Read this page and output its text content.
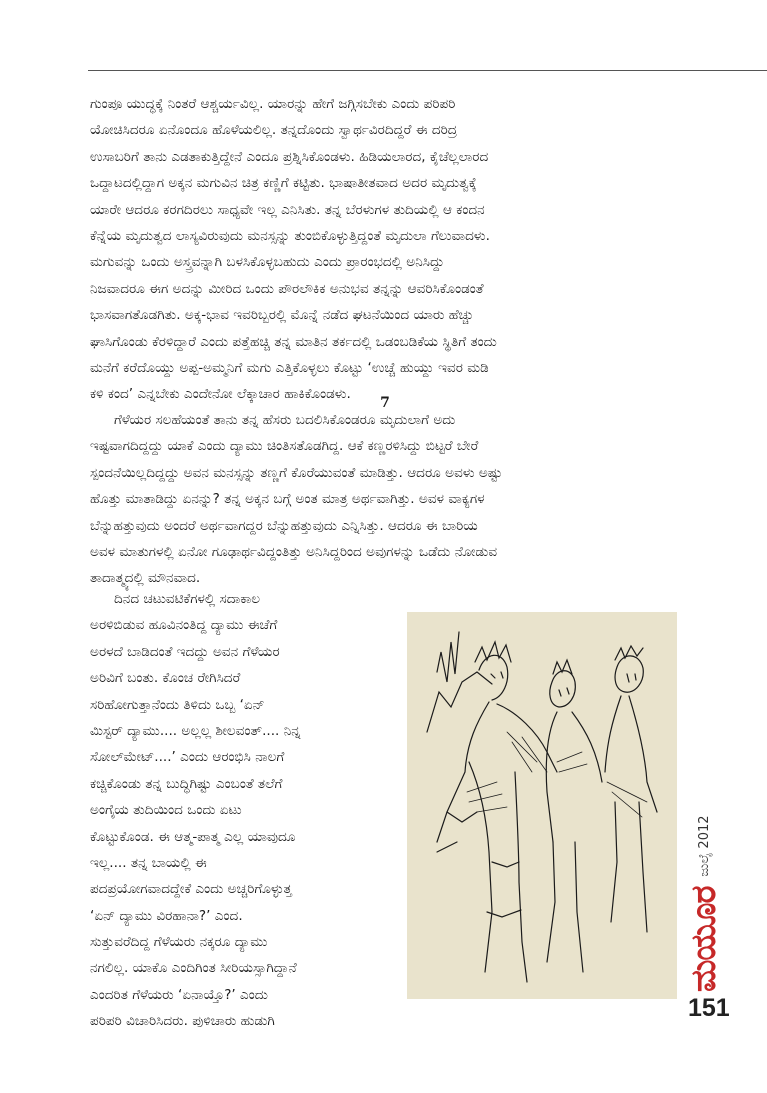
ಗುಂಪೂ ಯುದ್ಧಕ್ಕೆ ನಿಂತರೆ ಆಶ್ಚರ್ಯವಿಲ್ಲ. ಯಾರನ್ನು ಹೇಗೆ ಜಗ್ಗಿಸಬೇಕು ಎಂದು ಪರಿಪರಿ
ಯೋಚಿಸಿದರೂ ಏನೊಂದೂ ಹೊಳೆಯಲಿಲ್ಲ. ತನ್ನದೊಂದು ಸ್ವಾರ್ಥವಿರದಿದ್ದರೆ ಈ ದರಿದ್ರ
ಉಸಾಬರಿಗೆ ತಾನು ಎಡತಾಕುತ್ತಿದ್ದೇನೆ ಎಂದೂ ಪ್ರಶ್ನಿಸಿಕೊಂಡಳು. ಹಿಡಿಯಲಾರದ, ಕೈಚೆಲ್ಲಲಾರದ
ಒದ್ದಾಟದಲ್ಲಿದ್ದಾಗ ಅಕ್ಕನ ಮಗುವಿನ ಚಿತ್ರ ಕಣ್ಣಿಗೆ ಕಟ್ಟಿತು. ಭಾಷಾತೀತವಾದ ಅದರ ಮೃದುತ್ವಕ್ಕೆ
ಯಾರೇ ಆದರೂ ಕರಗದಿರಲು ಸಾಧ್ಯವೇ ಇಲ್ಲ ಎನಿಸಿತು. ತನ್ನ ಬೆರಳುಗಳ ತುದಿಯಲ್ಲಿ ಆ ಕಂದನ
ಕೆನ್ನೆಯ ಮೃದುತ್ವದ ಲಾಸ್ಯವಿರುವುದು ಮನಸ್ಸನ್ನು ತುಂಬಿಕೊಳ್ಳುತ್ತಿದ್ದಂತೆ ಮೃದುಲಾ ಗೆಲುವಾದಳು.
ಮಗುವನ್ನು ಒಂದು ಅಸ್ತ್ರವನ್ನಾಗಿ ಬಳಸಿಕೊಳ್ಳಬಹುದು ಎಂದು ಪ್ರಾರಂಭದಲ್ಲಿ ಅನಿಸಿದ್ದು
ನಿಜವಾದರೂ ಈಗ ಅದನ್ನು ಮೀರಿದ ಒಂದು ಪೌರಲೌಕಿಕ ಅನುಭವ ತನ್ನನ್ನು ಆವರಿಸಿಕೊಂಡಂತೆ
ಭಾಸವಾಗತೊಡಗಿತು. ಅಕ್ಕ-ಭಾವ ಇವರಿಬ್ಬರಲ್ಲಿ ಮೊನ್ನೆ ನಡೆದ ಘಟನೆಯಿಂದ ಯಾರು ಹೆಚ್ಚು
ಘಾಸಿಗೊಂಡು ಕೆರಳಿದ್ದಾರೆ ಎಂದು ಪತ್ತೆಹಚ್ಚಿ ತನ್ನ ಮಾತಿನ ತರ್ಕದಲ್ಲಿ ಒಡಂಬಡಿಕೆಯ ಸ್ಥಿತಿಗೆ ತಂದು
ಮನೆಗೆ ಕರೆದೊಯ್ದು ಅಪ್ಪ-ಅಮ್ಮನಿಗೆ ಮಗು ಎತ್ತಿಕೊಳ್ಳಲು ಕೊಟ್ಟು ‘ಉಚ್ಚೆ ಹುಯ್ದು ಇವರ ಮಡಿ
ಕಳಿ ಕಂದ’ ಎನ್ನಬೇಕು ಎಂದೇನೋ ಲೆಕ್ಕಾಚಾರ ಹಾಕಿಕೊಂಡಳು.
7
ಗೆಳೆಯರ ಸಲಹೆಯಂತೆ ತಾನು ತನ್ನ ಹೆಸರು ಬದಲಿಸಿಕೊಂಡರೂ ಮೃದುಲಾಗೆ ಅದು
ಇಷ್ಟವಾಗದಿದ್ದದ್ದು ಯಾಕೆ ಎಂದು ದ್ಯಾಮು ಚಿಂತಿಸತೊಡಗಿದ್ದ. ಆಕೆ ಕಣ್ಣರಳಿಸಿದ್ದು ಬಿಟ್ಟರೆ ಬೇರೆ
ಸ್ಪಂದನೆಯಿಲ್ಲದಿದ್ದದ್ದು ಅವನ ಮನಸ್ಸನ್ನು ತಣ್ಣಗೆ ಕೊರೆಯುವಂತೆ ಮಾಡಿತ್ತು. ಆದರೂ ಅವಳು ಅಷ್ಟು
ಹೊತ್ತು ಮಾತಾಡಿದ್ದು ಏನನ್ನು? ತನ್ನ ಅಕ್ಕನ ಬಗ್ಗೆ ಅಂತ ಮಾತ್ರ ಅರ್ಥವಾಗಿತ್ತು. ಅವಳ ವಾಕ್ಯಗಳ
ಬೆನ್ನುಹತ್ತುವುದು ಅಂದರೆ ಅರ್ಥವಾಗದ್ದರ ಬೆನ್ನುಹತ್ತುವುದು ಎನ್ನಿಸಿತ್ತು. ಆದರೂ ಈ ಬಾರಿಯ
ಅವಳ ಮಾತುಗಳಲ್ಲಿ ಏನೋ ಗೂಢಾರ್ಥವಿದ್ದಂತಿತ್ತು ಅನಿಸಿದ್ದರಿಂದ ಅವುಗಳನ್ನು ಒಡೆದು ನೋಡುವ
ತಾದಾತ್ಮ್ಯದಲ್ಲಿ ಮೌನವಾದ.
ದಿನದ ಚಟುವಟಿಕೆಗಳಲ್ಲಿ ಸದಾಕಾಲ
ಅರಳಿಬಿಡುವ ಹೂವಿನಂತಿದ್ದ ದ್ಯಾಮು ಈಚೆಗೆ
ಅರಳದೆ ಬಾಡಿದಂತೆ ಇದದ್ದು ಅವನ ಗೆಳೆಯರ
ಅರಿವಿಗೆ ಬಂತು. ಕೊಂಚ ರೇಗಿಸಿದರೆ
ಸರಿಹೋಗುತ್ತಾನೆಂದು ತಿಳಿದು ಒಬ್ಬ ‘ಏನ್
ಮಿಸ್ಟರ್ ದ್ಯಾಮು.... ಅಲ್ಲಲ್ಲ ಶೀಲವಂತ್.... ನಿನ್ನ
ಸೋಲ್‌ಮೇಟ್....’ ಎಂದು ಆರಂಭಿಸಿ ನಾಲಗೆ
ಕಚ್ಚಿಕೊಂಡು ತನ್ನ ಬುದ್ಧಿಗಿಷ್ಟು ಎಂಬಂತೆ ತಲೆಗೆ
ಅಂಗೈಯ ತುದಿಯಿಂದ ಒಂದು ಏಟು
ಕೊಟ್ಟುಕೊಂಡ. ಈ ಆತ್ಮ-ಪಾತ್ಮ ಎಲ್ಲ ಯಾವುದೂ
ಇಲ್ಲ.... ತನ್ನ ಬಾಯಲ್ಲಿ ಈ
ಪದಪ್ರಯೋಗವಾದದ್ದೇಕೆ ಎಂದು ಅಚ್ಚರಿಗೊಳ್ಳುತ್ತ
‘ಏನ್ ದ್ಯಾಮು ವಿರಹಾನಾ?’ ಎಂದ.
ಸುತ್ತುವರೆದಿದ್ದ ಗೆಳೆಯರು ನಕ್ಕರೂ ದ್ಯಾಮು
ನಗಲಿಲ್ಲ. ಯಾಕೊ ಎಂದಿಗಿಂತ ಸೀರಿಯಸ್ಸಾಗಿದ್ದಾನೆ
ಎಂದರಿತ ಗೆಳೆಯರು ‘ಏನಾಯ್ತೊ?’ ಎಂದು
ಪರಿಪರಿ ವಿಚಾರಿಸಿದರು. ಪುಳಿಚಾರು ಹುಡುಗಿ
ಮಯೂರ
ಜುಲೈ
2012
151
